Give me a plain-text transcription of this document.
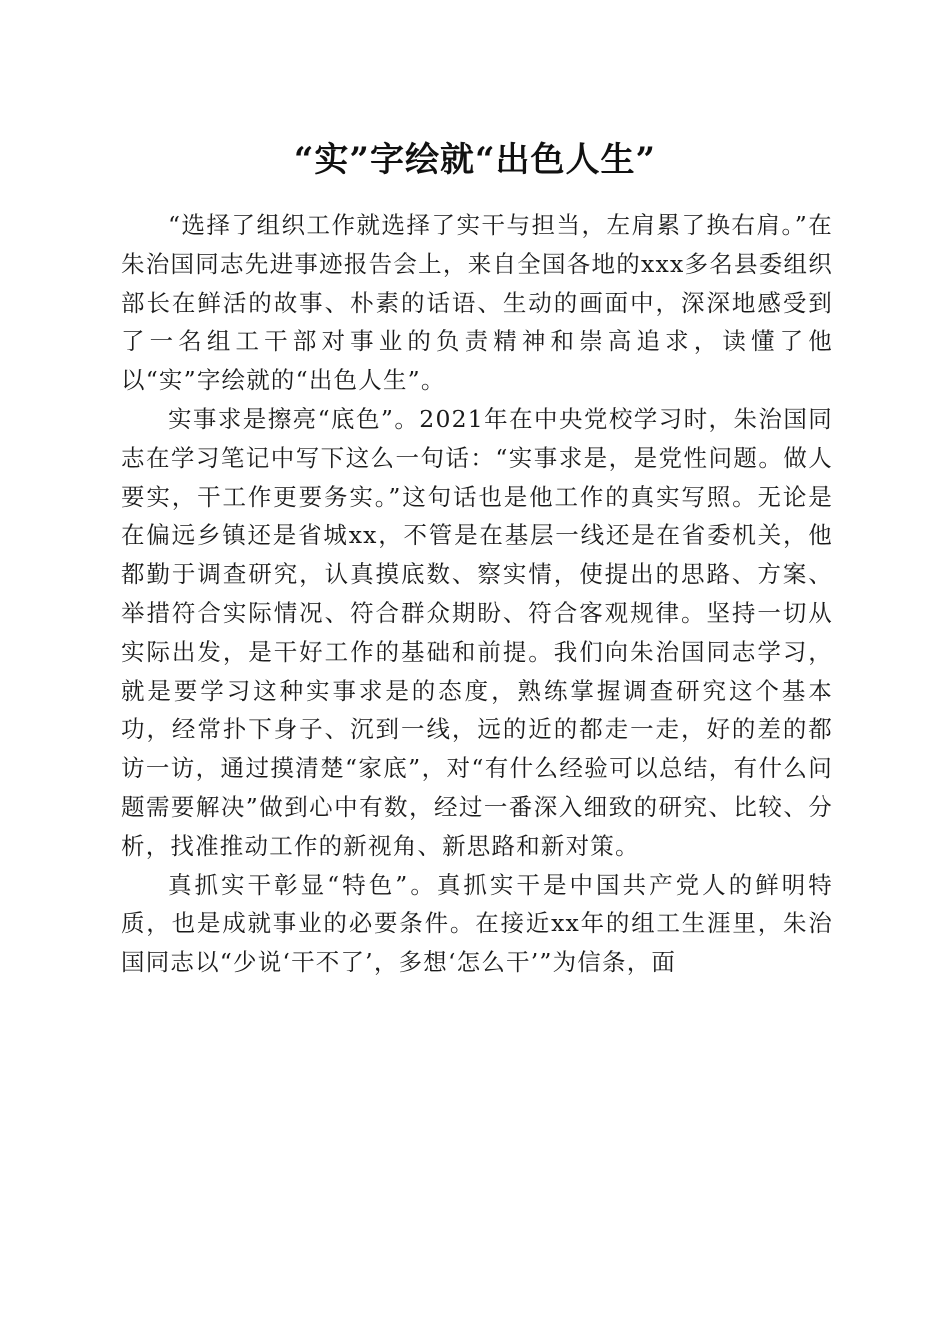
“实”字绘就“出色人生”

“选择了组织工作就选择了实干与担当，左肩累了换右肩。”在朱治国同志先进事迹报告会上，来自全国各地的xxx多名县委组织部长在鲜活的故事、朴素的话语、生动的画面中，深深地感受到了一名组工干部对事业的负责精神和崇高追求，读懂了他以“实”字绘就的“出色人生”。

实事求是擦亮“底色”。2021年在中央党校学习时，朱治国同志在学习笔记中写下这么一句话：“实事求是，是党性问题。做人要实，干工作更要务实。”这句话也是他工作的真实写照。无论是在偏远乡镇还是省城xx，不管是在基层一线还是在省委机关，他都勤于调查研究，认真摸底数、察实情，使提出的思路、方案、举措符合实际情况、符合群众期盼、符合客观规律。坚持一切从实际出发，是干好工作的基础和前提。我们向朱治国同志学习，就是要学习这种实事求是的态度，熟练掌握调查研究这个基本功，经常扑下身子、沉到一线，远的近的都走一走，好的差的都访一访，通过摸清楚“家底”，对“有什么经验可以总结，有什么问题需要解决”做到心中有数，经过一番深入细致的研究、比较、分析，找准推动工作的新视角、新思路和新对策。

真抓实干彰显“特色”。真抓实干是中国共产党人的鲜明特质，也是成就事业的必要条件。在接近xx年的组工生涯里，朱治国同志以“少说‘干不了’，多想‘怎么干’”为信条，面
